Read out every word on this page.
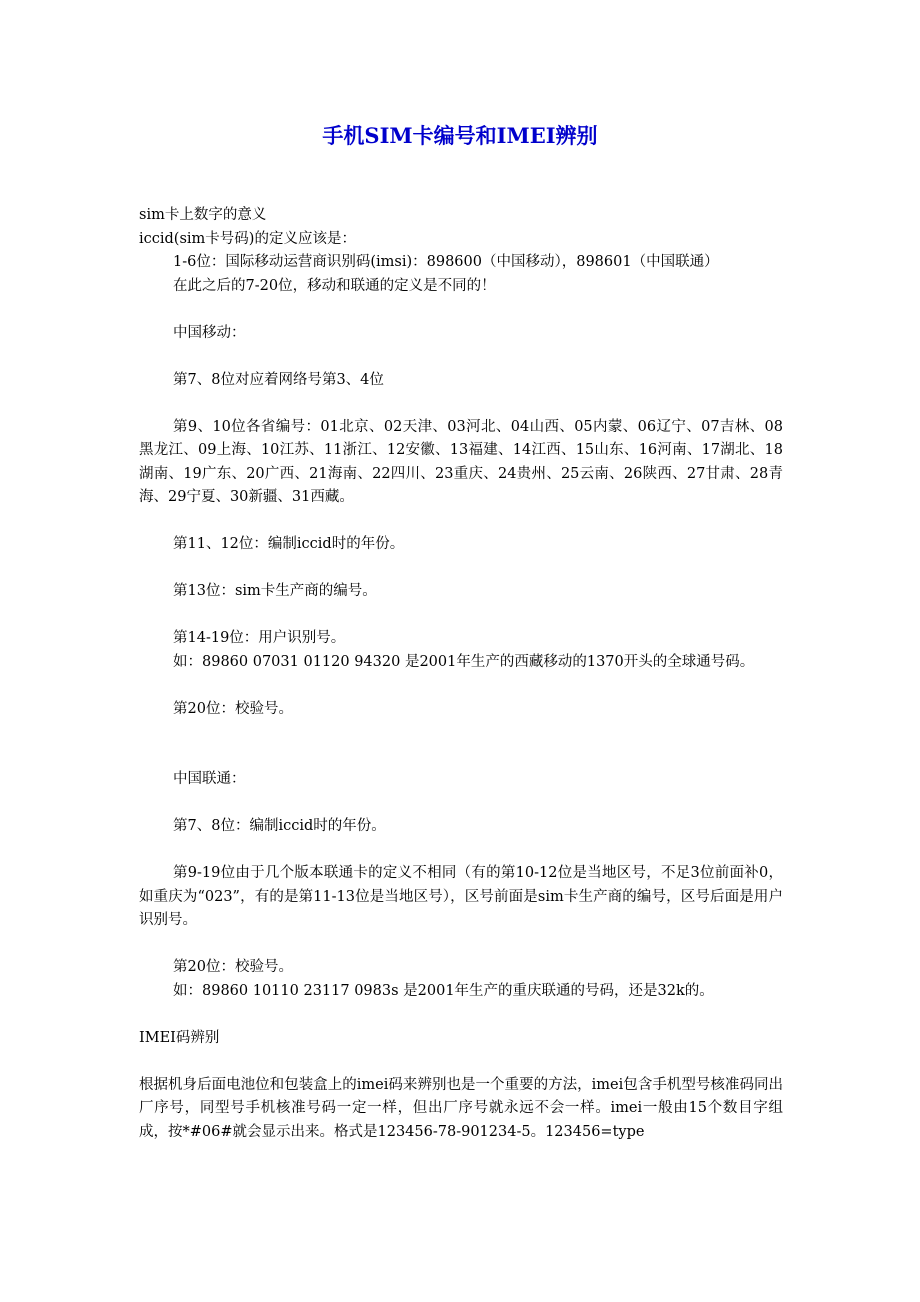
手机SIM卡编号和IMEI辨别

sim卡上数字的意义

iccid(sim卡号码)的定义应该是：

1-6位：国际移动运营商识别码(imsi)：898600（中国移动），898601（中国联通）

在此之后的7-20位，移动和联通的定义是不同的！

中国移动：

第7、8位对应着网络号第3、4位

第9、10位各省编号：01北京、02天津、03河北、04山西、05内蒙、06辽宁、07吉林、08黑龙江、09上海、10江苏、11浙江、12安徽、13福建、14江西、15山东、16河南、17湖北、18湖南、19广东、20广西、21海南、22四川、23重庆、24贵州、25云南、26陕西、27甘肃、28青海、29宁夏、30新疆、31西藏。

第11、12位：编制iccid时的年份。

第13位：sim卡生产商的编号。

第14-19位：用户识别号。

如：89860 07031 01120 94320 是2001年生产的西藏移动的1370开头的全球通号码。

第20位：校验号。

中国联通：

第7、8位：编制iccid时的年份。

第9-19位由于几个版本联通卡的定义不相同（有的第10-12位是当地区号，不足3位前面补0，如重庆为“023”，有的是第11-13位是当地区号），区号前面是sim卡生产商的编号，区号后面是用户识别号。

第20位：校验号。

如：89860 10110 23117 0983s 是2001年生产的重庆联通的号码，还是32k的。

IMEI码辨别

根据机身后面电池位和包装盒上的imei码来辨别也是一个重要的方法，imei包含手机型号核准码同出厂序号，同型号手机核准号码一定一样，但出厂序号就永远不会一样。imei一般由15个数目字组成，按*#06#就会显示出来。格式是123456-78-901234-5。123456=type
